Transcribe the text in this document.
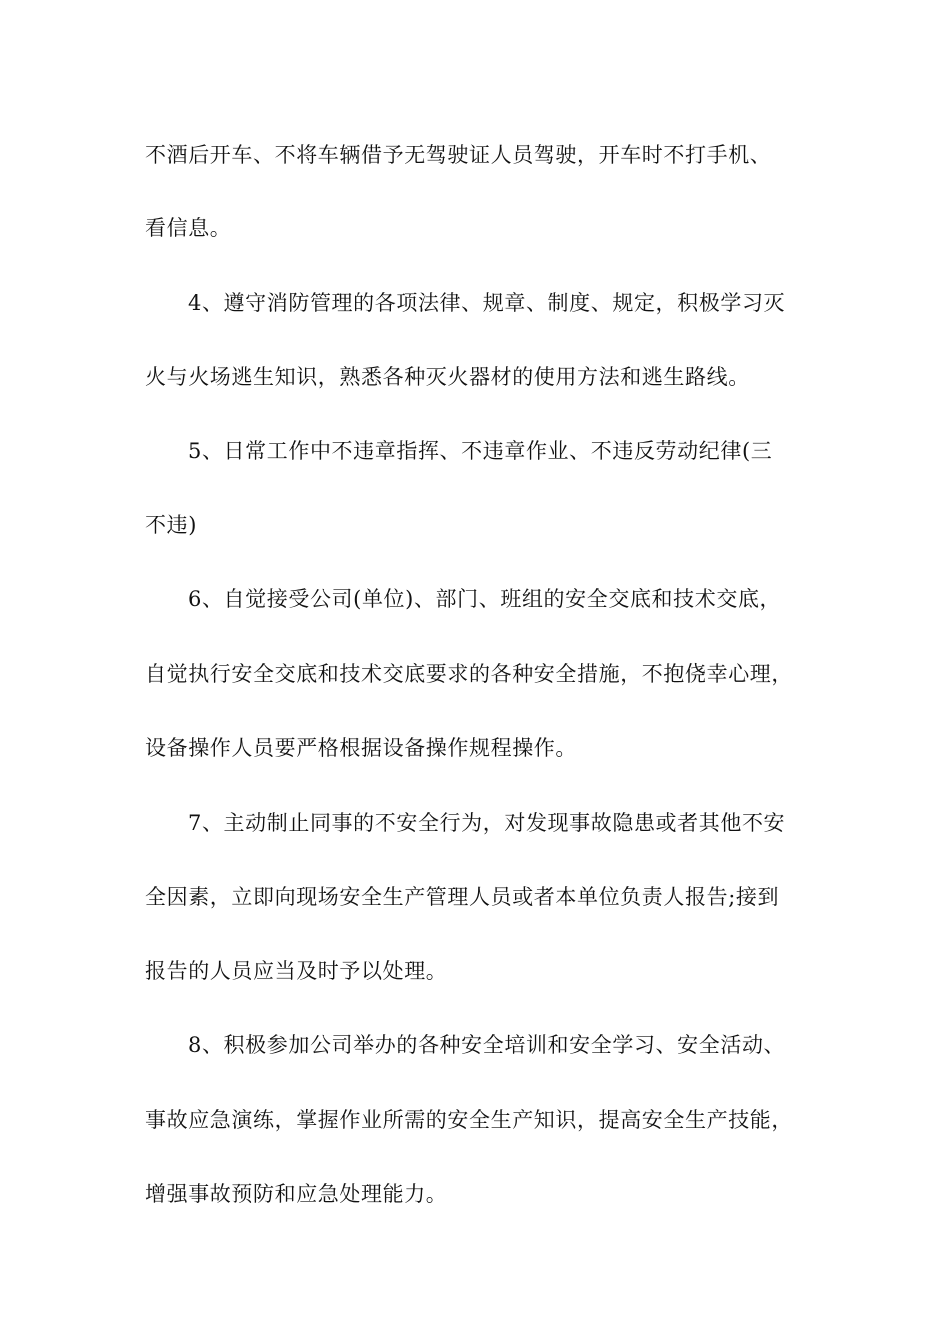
不酒后开车、不将车辆借予无驾驶证人员驾驶，开车时不打手机、
看信息。
4、遵守消防管理的各项法律、规章、制度、规定，积极学习灭
火与火场逃生知识，熟悉各种灭火器材的使用方法和逃生路线。
5、日常工作中不违章指挥、不违章作业、不违反劳动纪律(三
不违)
6、自觉接受公司(单位)、部门、班组的安全交底和技术交底，
自觉执行安全交底和技术交底要求的各种安全措施，不抱侥幸心理，
设备操作人员要严格根据设备操作规程操作。
7、主动制止同事的不安全行为，对发现事故隐患或者其他不安
全因素，立即向现场安全生产管理人员或者本单位负责人报告;接到
报告的人员应当及时予以处理。
8、积极参加公司举办的各种安全培训和安全学习、安全活动、
事故应急演练，掌握作业所需的安全生产知识，提高安全生产技能，
增强事故预防和应急处理能力。
